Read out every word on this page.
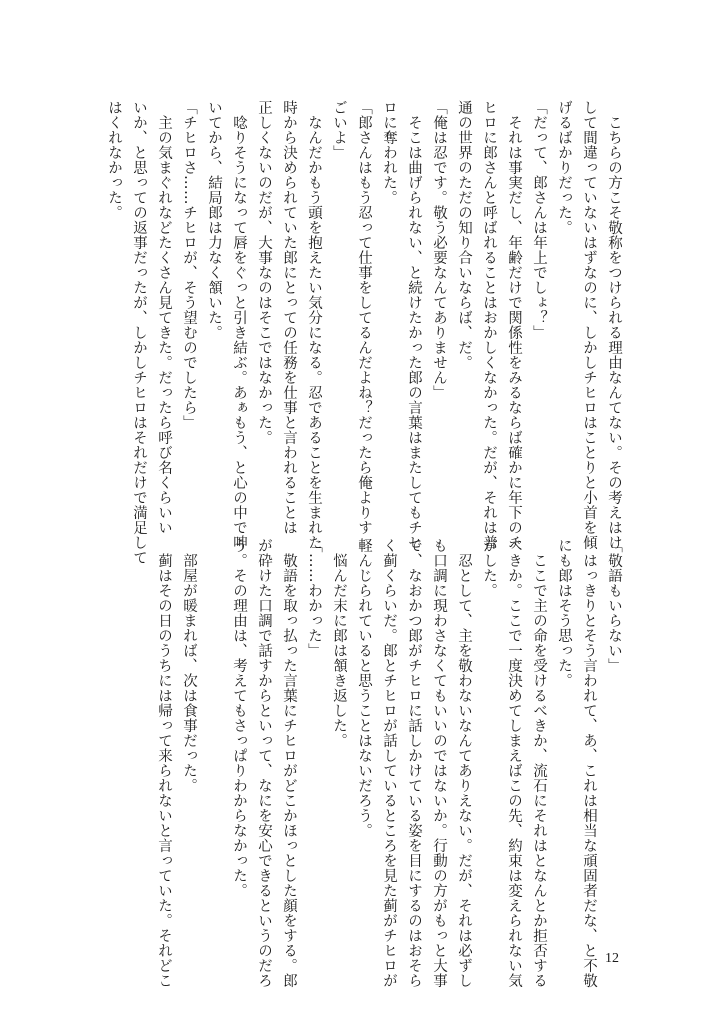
　こちらの方こそ敬称をつけられる理由なんてない。その考えはけ
して間違っていないはずなのに、しかしチヒロはことりと小首を傾
げるばかりだった。
「だって、郎さんは年上でしょ？」
　それは事実だし、年齢だけで関係性をみるならば確かに年下のチ
ヒロに郎さんと呼ばれることはおかしくなかった。だが、それは普
通の世界のただの知り合いならば、だ。
「俺は忍です。敬う必要なんてありません」
　そこは曲げられない、と続けたかった郎の言葉はまたしてもチヒ
ロに奪われた。
「郎さんはもう忍って仕事をしてるんだよね？だったら俺よりす
ごいよ」
　なんだかもう頭を抱えたい気分になる。忍であることを生まれた
時から決められていた郎にとっての任務を仕事と言われることは
正しくないのだが、大事なのはそこではなかった。
　唸りそうになって唇をぐっと引き結ぶ。あぁもう、と心の中で呻
いてから、結局郎は力なく頷いた。
「チヒロさ……チヒロが、そう望むのでしたら」
　主の気まぐれなどたくさん見てきた。だったら呼び名くらいい
いか、と思っての返事だったが、しかしチヒロはそれだけで満足して
はくれなかった。
「敬語もいらない」
　はっきりとそう言われて、あ、これは相当な頑固者だな、と不敬
にも郎はそう思った。
　ここで主の命を受けるべきか、流石にそれはとなんとか拒否する
べきか。ここで一度決めてしまえばこの先、約束は変えられない気
がした。
　忍として、主を敬わないなんてありえない。だが、それは必ずし
も口調に現わさなくてもいいのではないか。行動の方がもっと大事
で、なおかつ郎がチヒロに話しかけている姿を目にするのはおそら
く蓟くらいだ。郎とチヒロが話しているところを見た蓟がチヒロが
軽んじられていると思うことはないだろう。
　悩んだ末に郎は頷き返した。
「……わかった」
　敬語を取っ払った言葉にチヒロがどこかほっとした顔をする。郎
が砕けた口調で話すからといって、なにを安心できるというのだろ
う。その理由は、考えてもさっぱりわからなかった。
　部屋が暖まれば、次は食事だった。
　蓟はその日のうちには帰って来られないと言っていた。それどこ	12
